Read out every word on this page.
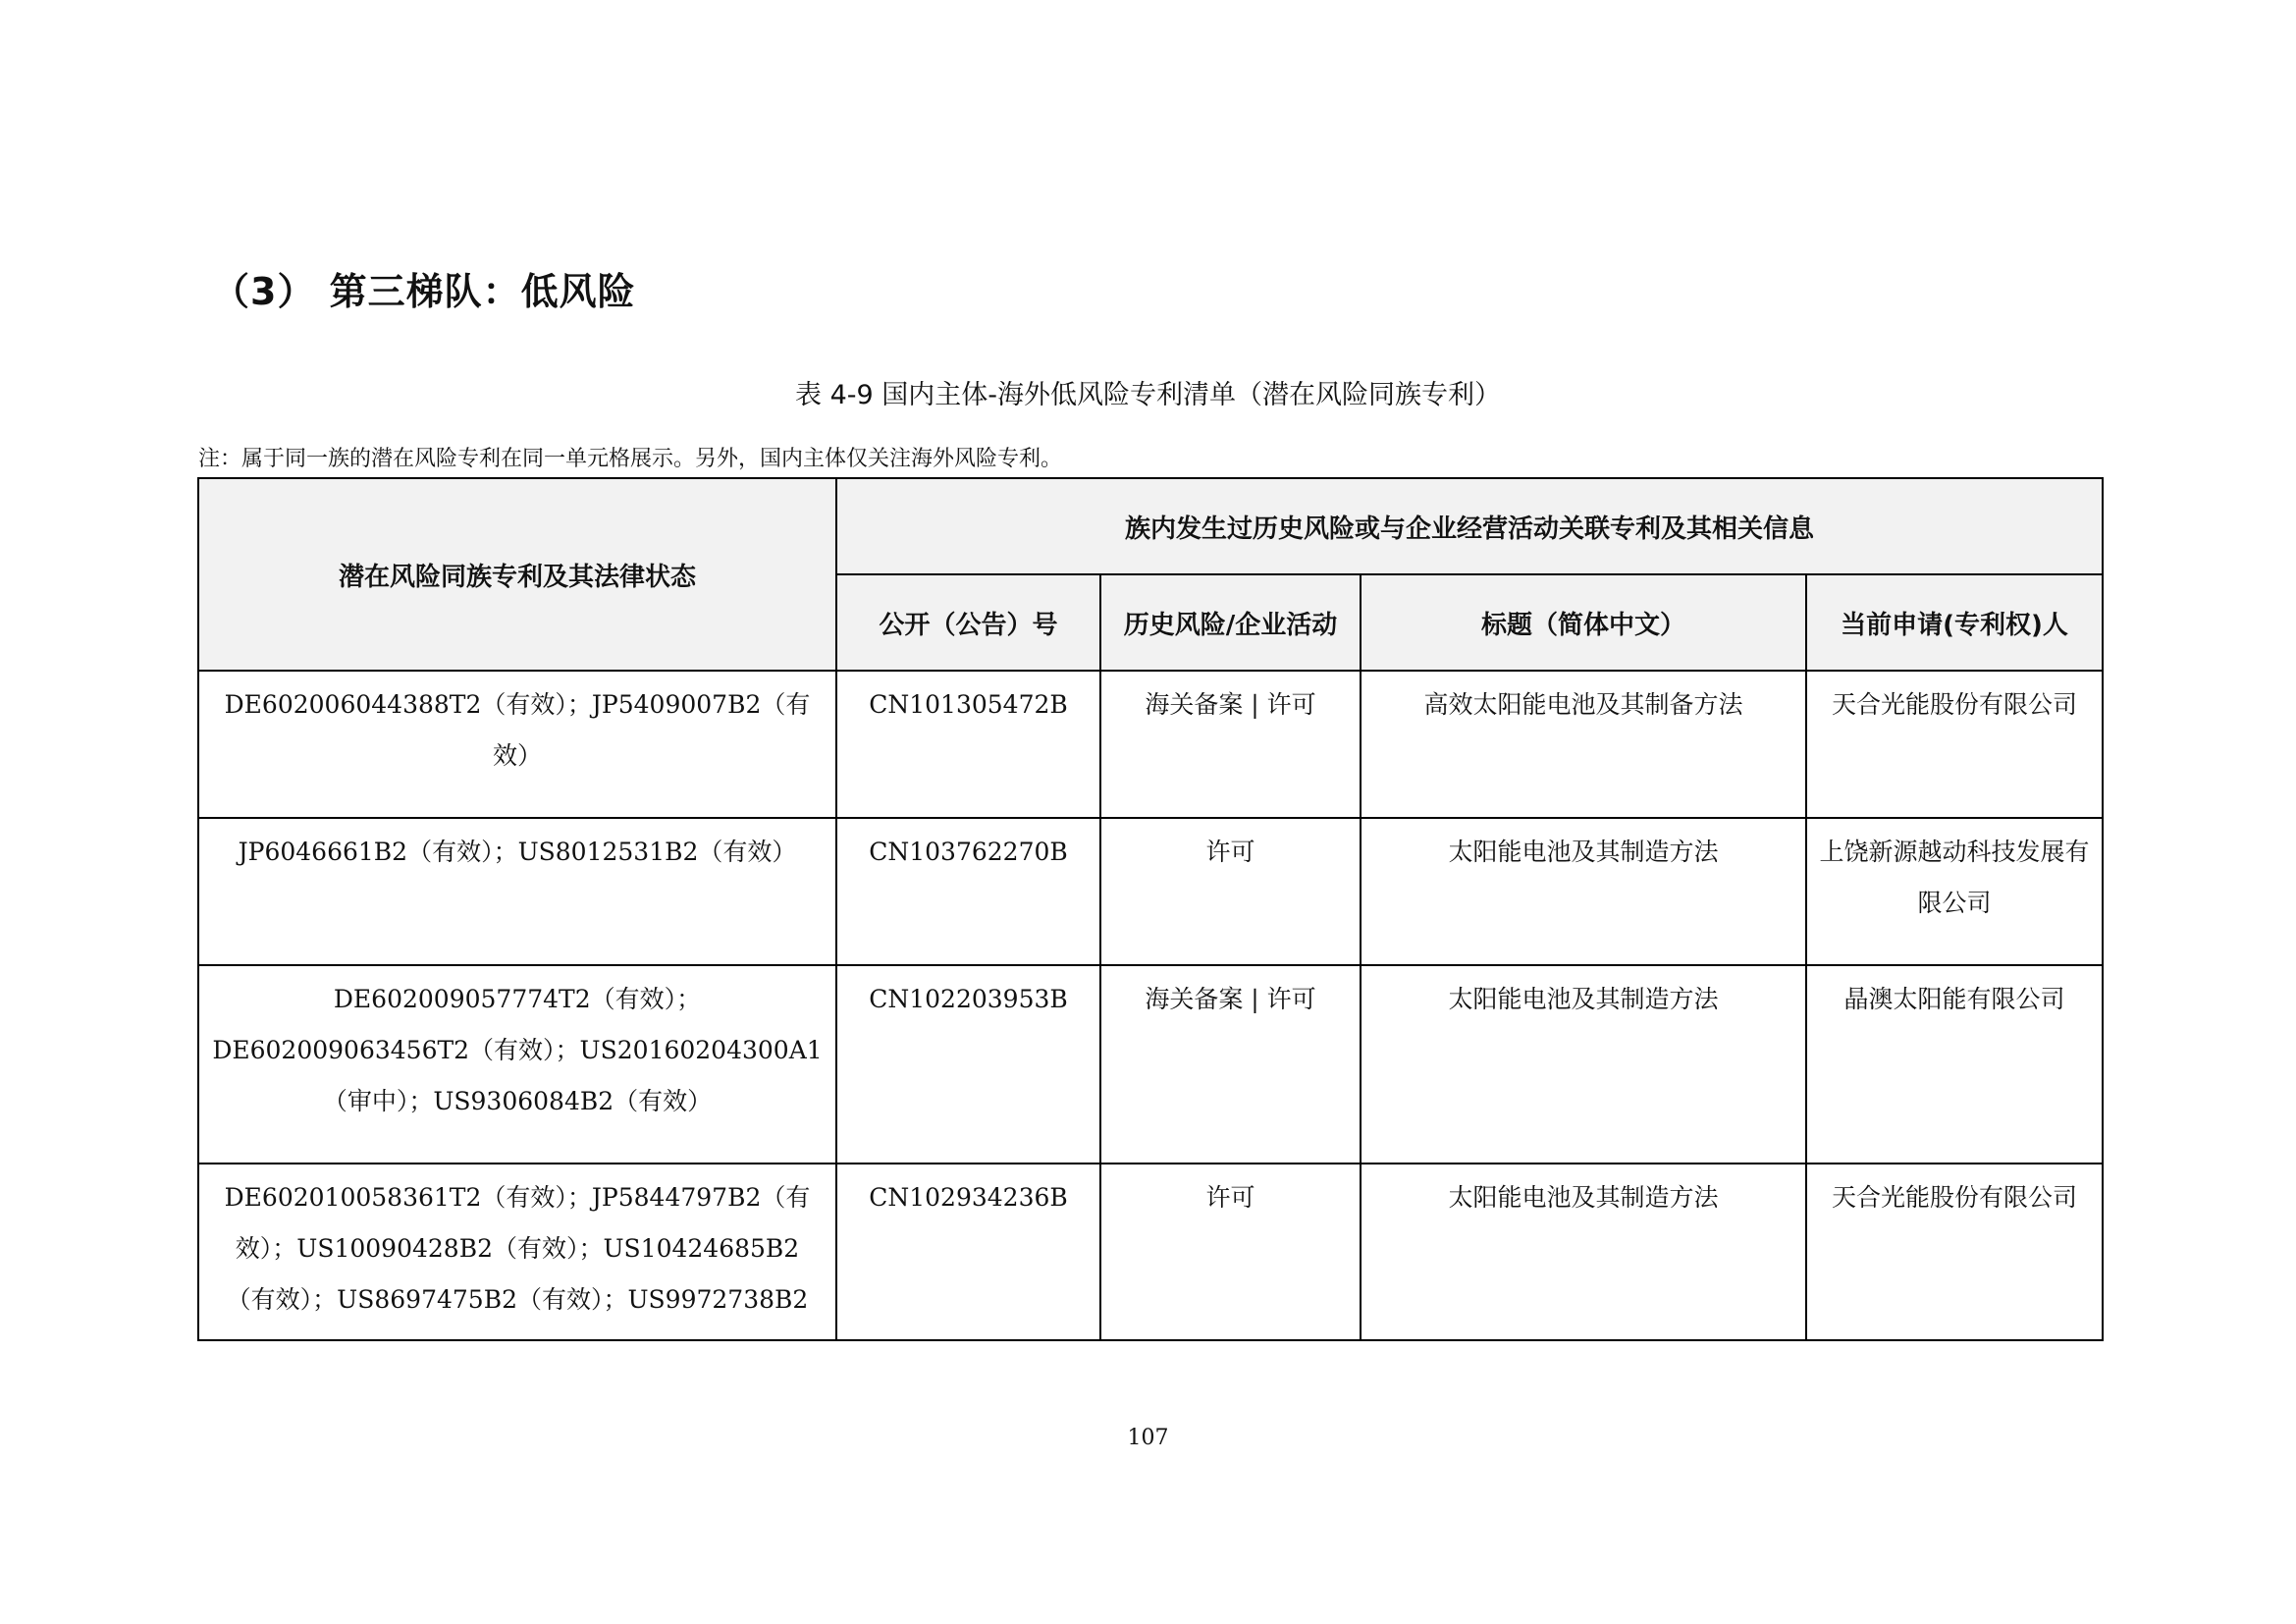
（3） 第三梯队：低风险
表 4-9 国内主体-海外低风险专利清单（潜在风险同族专利）
注：属于同一族的潜在风险专利在同一单元格展示。另外，国内主体仅关注海外风险专利。
潜在风险同族专利及其法律状态	族内发生过历史风险或与企业经营活动关联专利及其相关信息			
	公开（公告）号	历史风险/企业活动	标题（简体中文）	当前申请(专利权)人
DE602006044388T2（有效）；JP5409007B2（有效）	CN101305472B	海关备案 | 许可	高效太阳能电池及其制备方法	天合光能股份有限公司
JP6046661B2（有效）；US8012531B2（有效）	CN103762270B	许可	太阳能电池及其制造方法	上饶新源越动科技发展有限公司
DE602009057774T2（有效）；DE602009063456T2（有效）；US20160204300A1（审中）；US9306084B2（有效）	CN102203953B	海关备案 | 许可	太阳能电池及其制造方法	晶澳太阳能有限公司
DE602010058361T2（有效）；JP5844797B2（有效）；US10090428B2（有效）；US10424685B2（有效）；US8697475B2（有效）；US9972738B2	CN102934236B	许可	太阳能电池及其制造方法	天合光能股份有限公司
107
